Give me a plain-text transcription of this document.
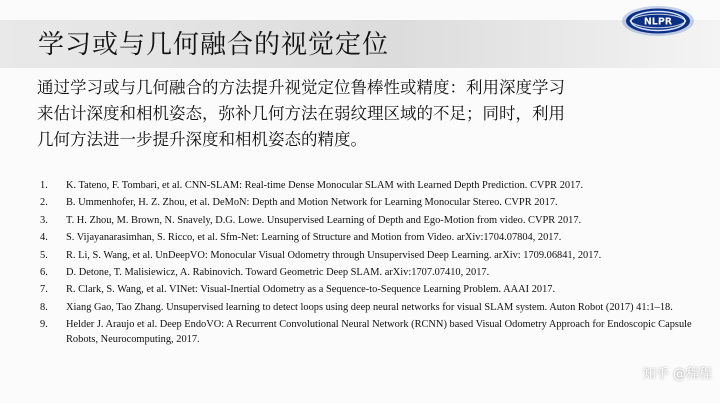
学习或与几何融合的视觉定位
NLPR
通过学习或与几何融合的方法提升视觉定位鲁棒性或精度：利用深度学习
来估计深度和相机姿态，弥补几何方法在弱纹理区域的不足；同时，利用
几何方法进一步提升深度和相机姿态的精度。
1.	K. Tateno, F. Tombari, et al. CNN-SLAM: Real-time Dense Monocular SLAM with Learned Depth Prediction. CVPR 2017.
2.	B. Ummenhofer, H. Z. Zhou, et al. DeMoN: Depth and Motion Network for Learning Monocular Stereo. CVPR 2017.
3.	T. H. Zhou, M. Brown, N. Snavely, D.G. Lowe. Unsupervised Learning of Depth and Ego-Motion from video. CVPR 2017.
4.	S. Vijayanarasimhan, S. Ricco, et al. Sfm-Net: Learning of Structure and Motion from Video. arXiv:1704.07804, 2017.
5.	R. Li, S. Wang, et al. UnDeepVO: Monocular Visual Odometry through Unsupervised Deep Learning. arXiv: 1709.06841, 2017.
6.	D. Detone, T. Malisiewicz, A. Rabinovich. Toward Geometric Deep SLAM. arXiv:1707.07410, 2017.
7.	R. Clark, S. Wang, et al. VINet: Visual-Inertial Odometry as a Sequence-to-Sequence Learning Problem. AAAI 2017.
8.	Xiang Gao, Tao Zhang. Unsupervised learning to detect loops using deep neural networks for visual SLAM system. Auton Robot (2017) 41:1–18.
9.	Helder J. Araujo et al. Deep EndoVO: A Recurrent Convolutional Neural Network (RCNN) based Visual Odometry Approach for Endoscopic Capsule Robots, Neurocomputing, 2017.
知乎 @程程
